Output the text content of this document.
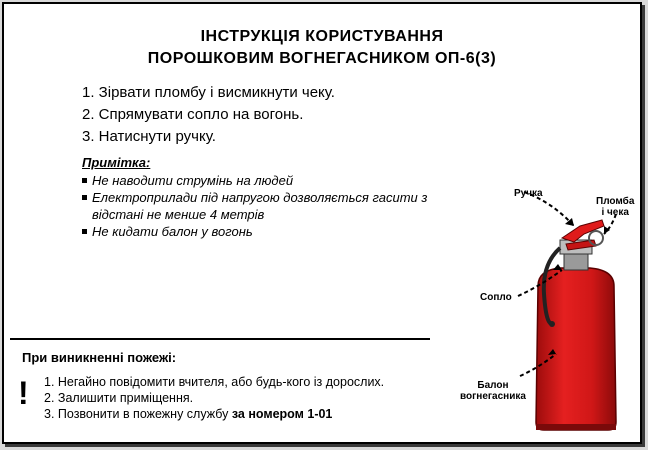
ІНСТРУКЦІЯ КОРИСТУВАННЯ
ПОРОШКОВИМ ВОГНЕГАСНИКОМ ОП-6(3)
1. Зірвати пломбу і висмикнути чеку.
2. Спрямувати сопло на вогонь.
3. Натиснути ручку.
Примітка:
Не наводити струмінь на людей
Електроприлади під напругою дозволяється гасити з відстані не менше 4 метрів
Не кидати балон у вогонь
При виникненні пожежі:
! 1. Негайно повідомити вчителя, або будь-кого із дорослих.
2. Залишити приміщення.
3. Позвонити в пожежну службу за номером 1-01
Ручка
Пломба
і чека
Сопло
Балон
вогнегасника
